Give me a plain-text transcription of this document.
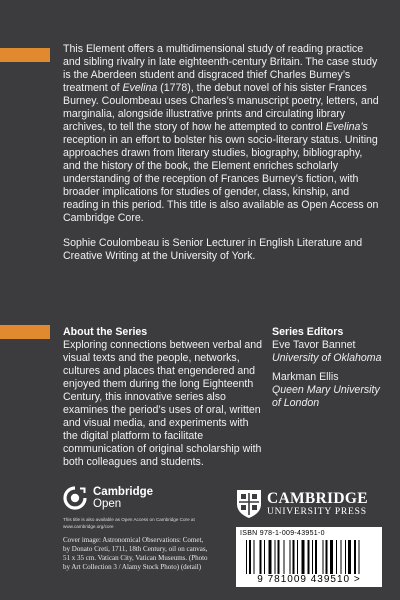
This Element offers a multidimensional study of reading practice and sibling rivalry in late eighteenth-century Britain. The case study is the Aberdeen student and disgraced thief Charles Burney’s treatment of Evelina (1778), the debut novel of his sister Frances Burney. Coulombeau uses Charles’s manuscript poetry, letters, and marginalia, alongside illustrative prints and circulating library archives, to tell the story of how he attempted to control Evelina’s reception in an effort to bolster his own socio-literary status. Uniting approaches drawn from literary studies, biography, bibliography, and the history of the book, the Element enriches scholarly understanding of the reception of Frances Burney’s fiction, with broader implications for studies of gender, class, kinship, and reading in this period. This title is also available as Open Access on Cambridge Core.

Sophie Coulombeau is Senior Lecturer in English Literature and Creative Writing at the University of York.

About the Series

Exploring connections between verbal and visual texts and the people, networks, cultures and places that engendered and enjoyed them during the long Eighteenth Century, this innovative series also examines the period’s uses of oral, written and visual media, and experiments with the digital platform to facilitate communication of original scholarship with both colleagues and students.

Series Editors

Eve Tavor Bannet
University of Oklahoma

Markman Ellis
Queen Mary University of London

Cambridge
Open
This title is also available as Open Access on Cambridge Core at www.cambridge.org/core
Cover image: Astronomical Observations: Comet, by Donato Creti, 1711, 18th Century, oil on canvas, 51 x 35 cm. Vatican City, Vatican Museums. (Photo by Art Collection 3 / Alamy Stock Photo) (detail)
CAMBRIDGE
UNIVERSITY PRESS
ISBN 978-1-009-43951-0
9 781009 439510 >
